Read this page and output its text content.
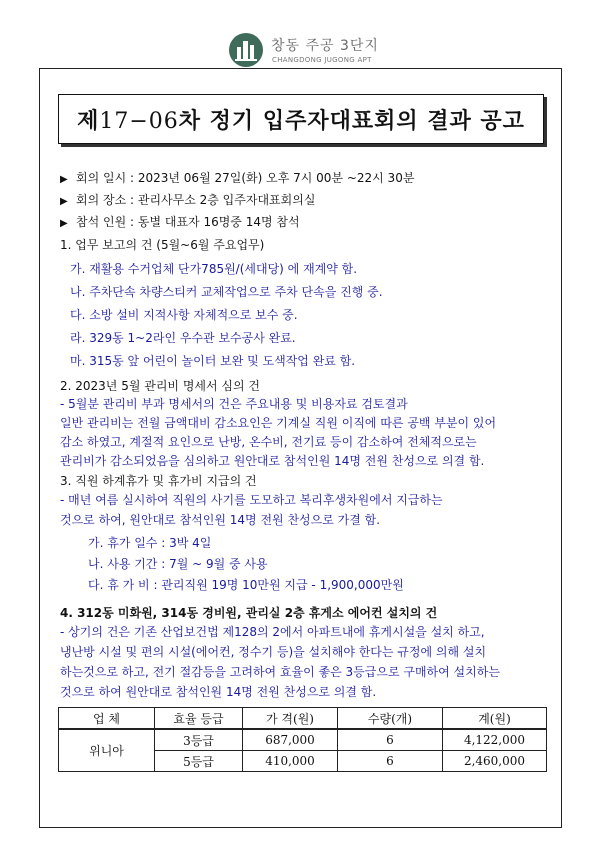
창동 주공 3단지
CHANGDONG JUGONG APT
제17−06차 정기 입주자대표회의 결과 공고
▶ 회의 일시 : 2023년 06월 27일(화) 오후 7시 00분 ~22시 30분
▶ 회의 장소 : 관리사무소 2층 입주자대표회의실
▶ 참석 인원 : 동별 대표자 16명중 14명 참석
1. 업무 보고의 건 (5월~6월 주요업무)
가. 재활용 수거업체 단가785원/(세대당) 에 재계약 함.
나. 주차단속 차량스티커 교체작업으로 주차 단속을 진행 중.
다. 소방 설비 지적사항 자체적으로 보수 중.
라. 329동 1~2라인 우수관 보수공사 완료.
마. 315동 앞 어린이 놀이터 보완 및 도색작업 완료 함.
2. 2023년 5월 관리비 명세서 심의 건
- 5월분 관리비 부과 명세서의 건은 주요내용 및 비용자료 검토결과
일반 관리비는 전월 금액대비 감소요인은 기계실 직원 이직에 따른 공백 부분이 있어
감소 하였고, 계절적 요인으로 난방, 온수비, 전기료 등이 감소하여 전체적으로는
관리비가 감소되었음을 심의하고 원안대로 참석인원 14명 전원 찬성으로 의결 함.
3. 직원 하계휴가 및 휴가비 지급의 건
- 매년 여름 실시하여 직원의 사기를 도모하고 복리후생차원에서 지급하는
것으로 하여, 원안대로 참석인원 14명 전원 찬성으로 가결 함.
가. 휴가 일수 : 3박 4일
나. 사용 기간 : 7월 ~ 9월 중 사용
다. 휴 가 비 : 관리직원 19명 10만원 지급 - 1,900,000만원
4. 312동 미화원, 314동 경비원, 관리실 2층 휴게소 에어컨 설치의 건
- 상기의 건은 기존 산업보건법 제128의 2에서 아파트내에 휴게시설을 설치 하고,
냉난방 시설 및 편의 시설(에어컨, 정수기 등)을 설치해야 한다는 규정에 의해 설치
하는것으로 하고, 전기 절감등을 고려하여 효율이 좋은 3등급으로 구매하여 설치하는
것으로 하여 원안대로 참석인원 14명 전원 찬성으로 의결 함.
업 체	효율 등급	가 격(원)	수량(개)	계(원)
위니아	3등급	687,000	6	4,122,000
	5등급	410,000	6	2,460,000
